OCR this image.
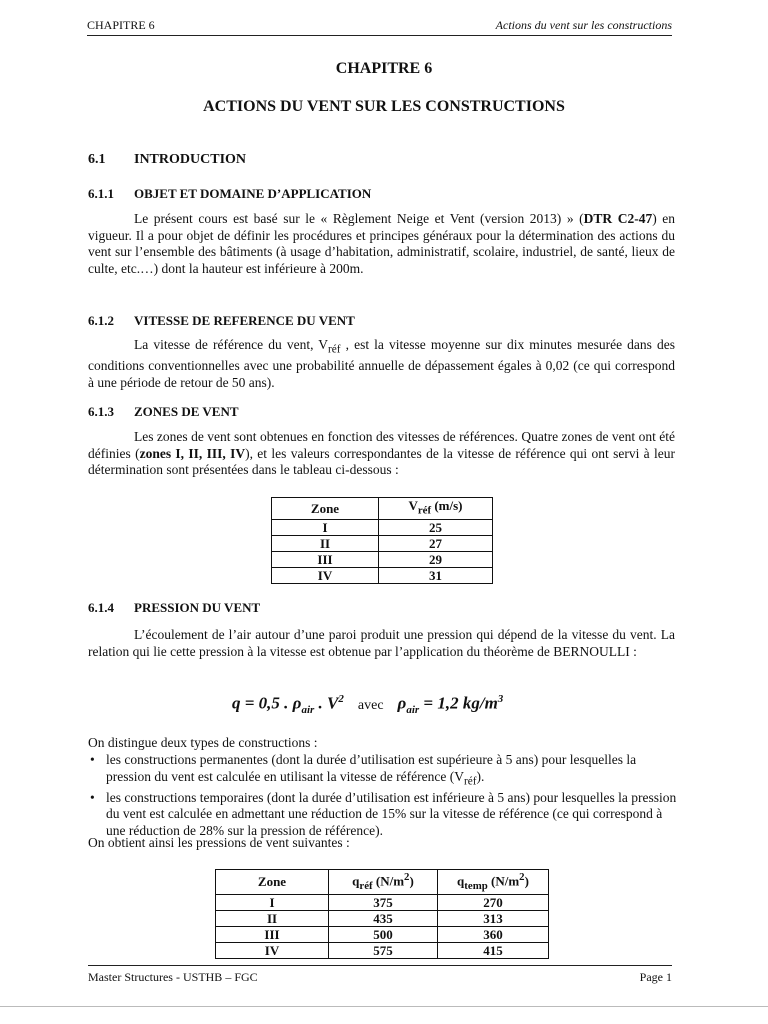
CHAPITRE 6	Actions du vent sur les constructions
CHAPITRE 6
ACTIONS DU VENT SUR LES CONSTRUCTIONS
6.1 INTRODUCTION
6.1.1 OBJET ET DOMAINE D’APPLICATION

Le présent cours est basé sur le « Règlement Neige et Vent (version 2013) » (DTR C2-47) en vigueur. Il a pour objet de définir les procédures et principes généraux pour la détermination des actions du vent sur l’ensemble des bâtiments (à usage d’habitation, administratif, scolaire, industriel, de santé, lieux de culte, etc.…) dont la hauteur est inférieure à 200m.

6.1.2 VITESSE DE REFERENCE DU VENT

La vitesse de référence du vent, $V_{réf}$ , est la vitesse moyenne sur dix minutes mesurée dans des conditions conventionnelles avec une probabilité annuelle de dépassement égales à 0,02 (ce qui correspond à une période de retour de 50 ans).

6.1.3 ZONES DE VENT

Les zones de vent sont obtenues en fonction des vitesses de références. Quatre zones de vent ont été définies (zones I, II, III, IV), et les valeurs correspondantes de la vitesse de référence qui ont servi à leur détermination sont présentées dans le tableau ci-dessous :

Zone	$V_{réf}$ (m/s)
I	25
II	27
III	29
IV	31
6.1.4 PRESSION DU VENT

L’écoulement de l’air autour d’une paroi produit une pression qui dépend de la vitesse du vent. La relation qui lie cette pression à la vitesse est obtenue par l’application du théorème de BERNOULLI :

q = 0,5 . $\rho_{air}$ . $V^2$ avec $\rho_{air} = 1,2$ $kg/m^3$

On distingue deux types de constructions :

• les constructions permanentes (dont la durée d’utilisation est supérieure à 5 ans) pour lesquelles la pression du vent est calculée en utilisant la vitesse de référence $(V_{réf})$.
• les constructions temporaires (dont la durée d’utilisation est inférieure à 5 ans) pour lesquelles la pression du vent est calculée en admettant une réduction de 15% sur la vitesse de référence (ce qui correspond à une réduction de 28% sur la pression de référence).

On obtient ainsi les pressions de vent suivantes :

Zone	$q_{réf}$ $(N/m^2)$	$q_{temp}$ $(N/m^2)$
I	375	270
II	435	313
III	500	360
IV	575	415
Master Structures - USTHB – FGC	Page 1
